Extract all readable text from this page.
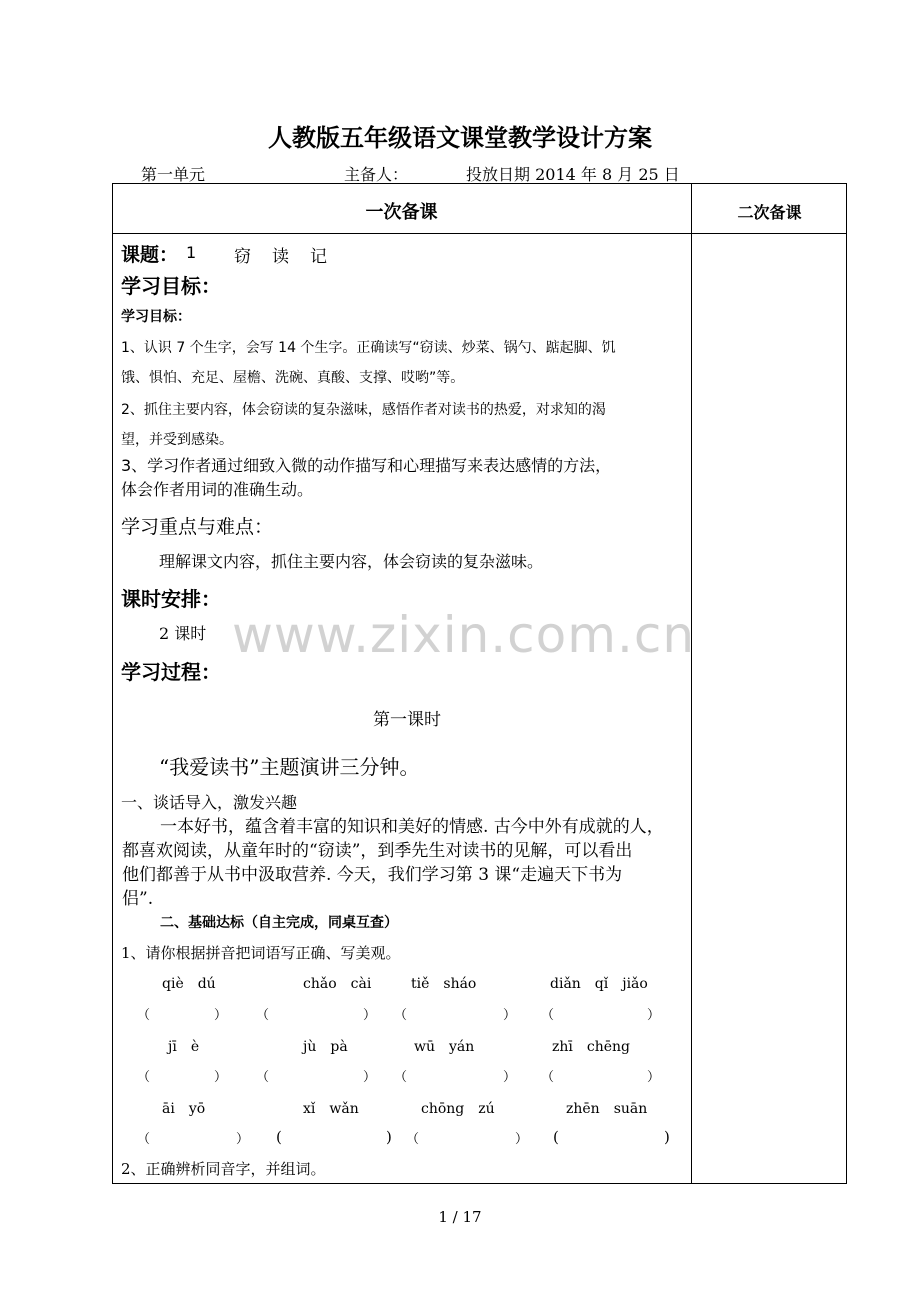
人教版五年级语文课堂教学设计方案
第一单元	主备人：	投放日期 2014 年 8 月 25 日
一次备课	二次备课
www.zixin.com.cn
课题： 1 窃 读 记
学习目标：
学习目标：
1、认识 7 个生字，会写 14 个生字。正确读写“窃读、炒菜、锅勺、踮起脚、饥
饿、惧怕、充足、屋檐、洗碗、真酸、支撑、哎哟”等。
2、抓住主要内容，体会窃读的复杂滋味，感悟作者对读书的热爱，对求知的渴
望，并受到感染。
3、学习作者通过细致入微的动作描写和心理描写来表达感情的方法，
体会作者用词的准确生动。
学习重点与难点：
理解课文内容，抓住主要内容，体会窃读的复杂滋味。
课时安排：
2 课时
学习过程：
第一课时
“我爱读书”主题演讲三分钟。
一、谈话导入，激发兴趣
一本好书，蕴含着丰富的知识和美好的情感. 古今中外有成就的人，
都喜欢阅读，从童年时的“窃读”，到季先生对读书的见解，可以看出
他们都善于从书中汲取营养. 今天，我们学习第 3 课“走遍天下书为
侣”.
二、基础达标（自主完成，同桌互查）
1、请你根据拼音把词语写正确、写美观。
qiè　dú	chǎo　cài	tiě　sháo	diǎn　qǐ　jiǎo
（	） （	） （	） （	）
jī　è	jù　pà	wū　yán	zhī　chēng
（	） （	） （	） （	）
āi　yō	xǐ　wǎn	chōng　zú	zhēn　suān
（	） (	) （	） (	)
2、正确辨析同音字，并组词。
1 / 17
